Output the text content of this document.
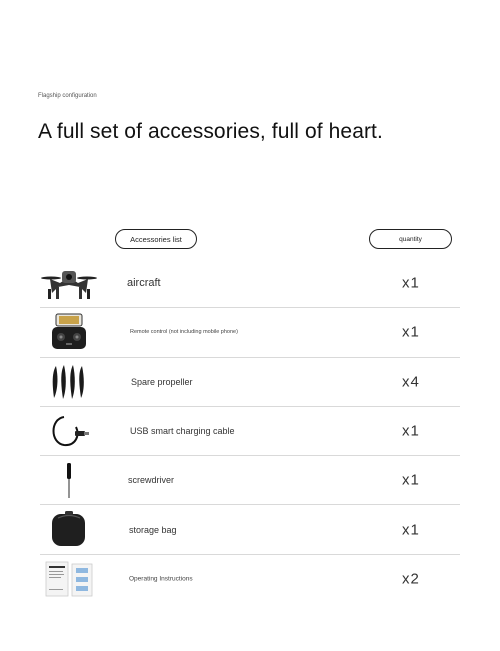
Flagship configuration
A full set of accessories, full of heart.
Accessories list	quantity
aircraft	x1
Remote control (not including mobile phone)	x1
Spare propeller	x4
USB smart charging cable	x1
screwdriver	x1
storage bag	x1
Operating Instructions	x2
